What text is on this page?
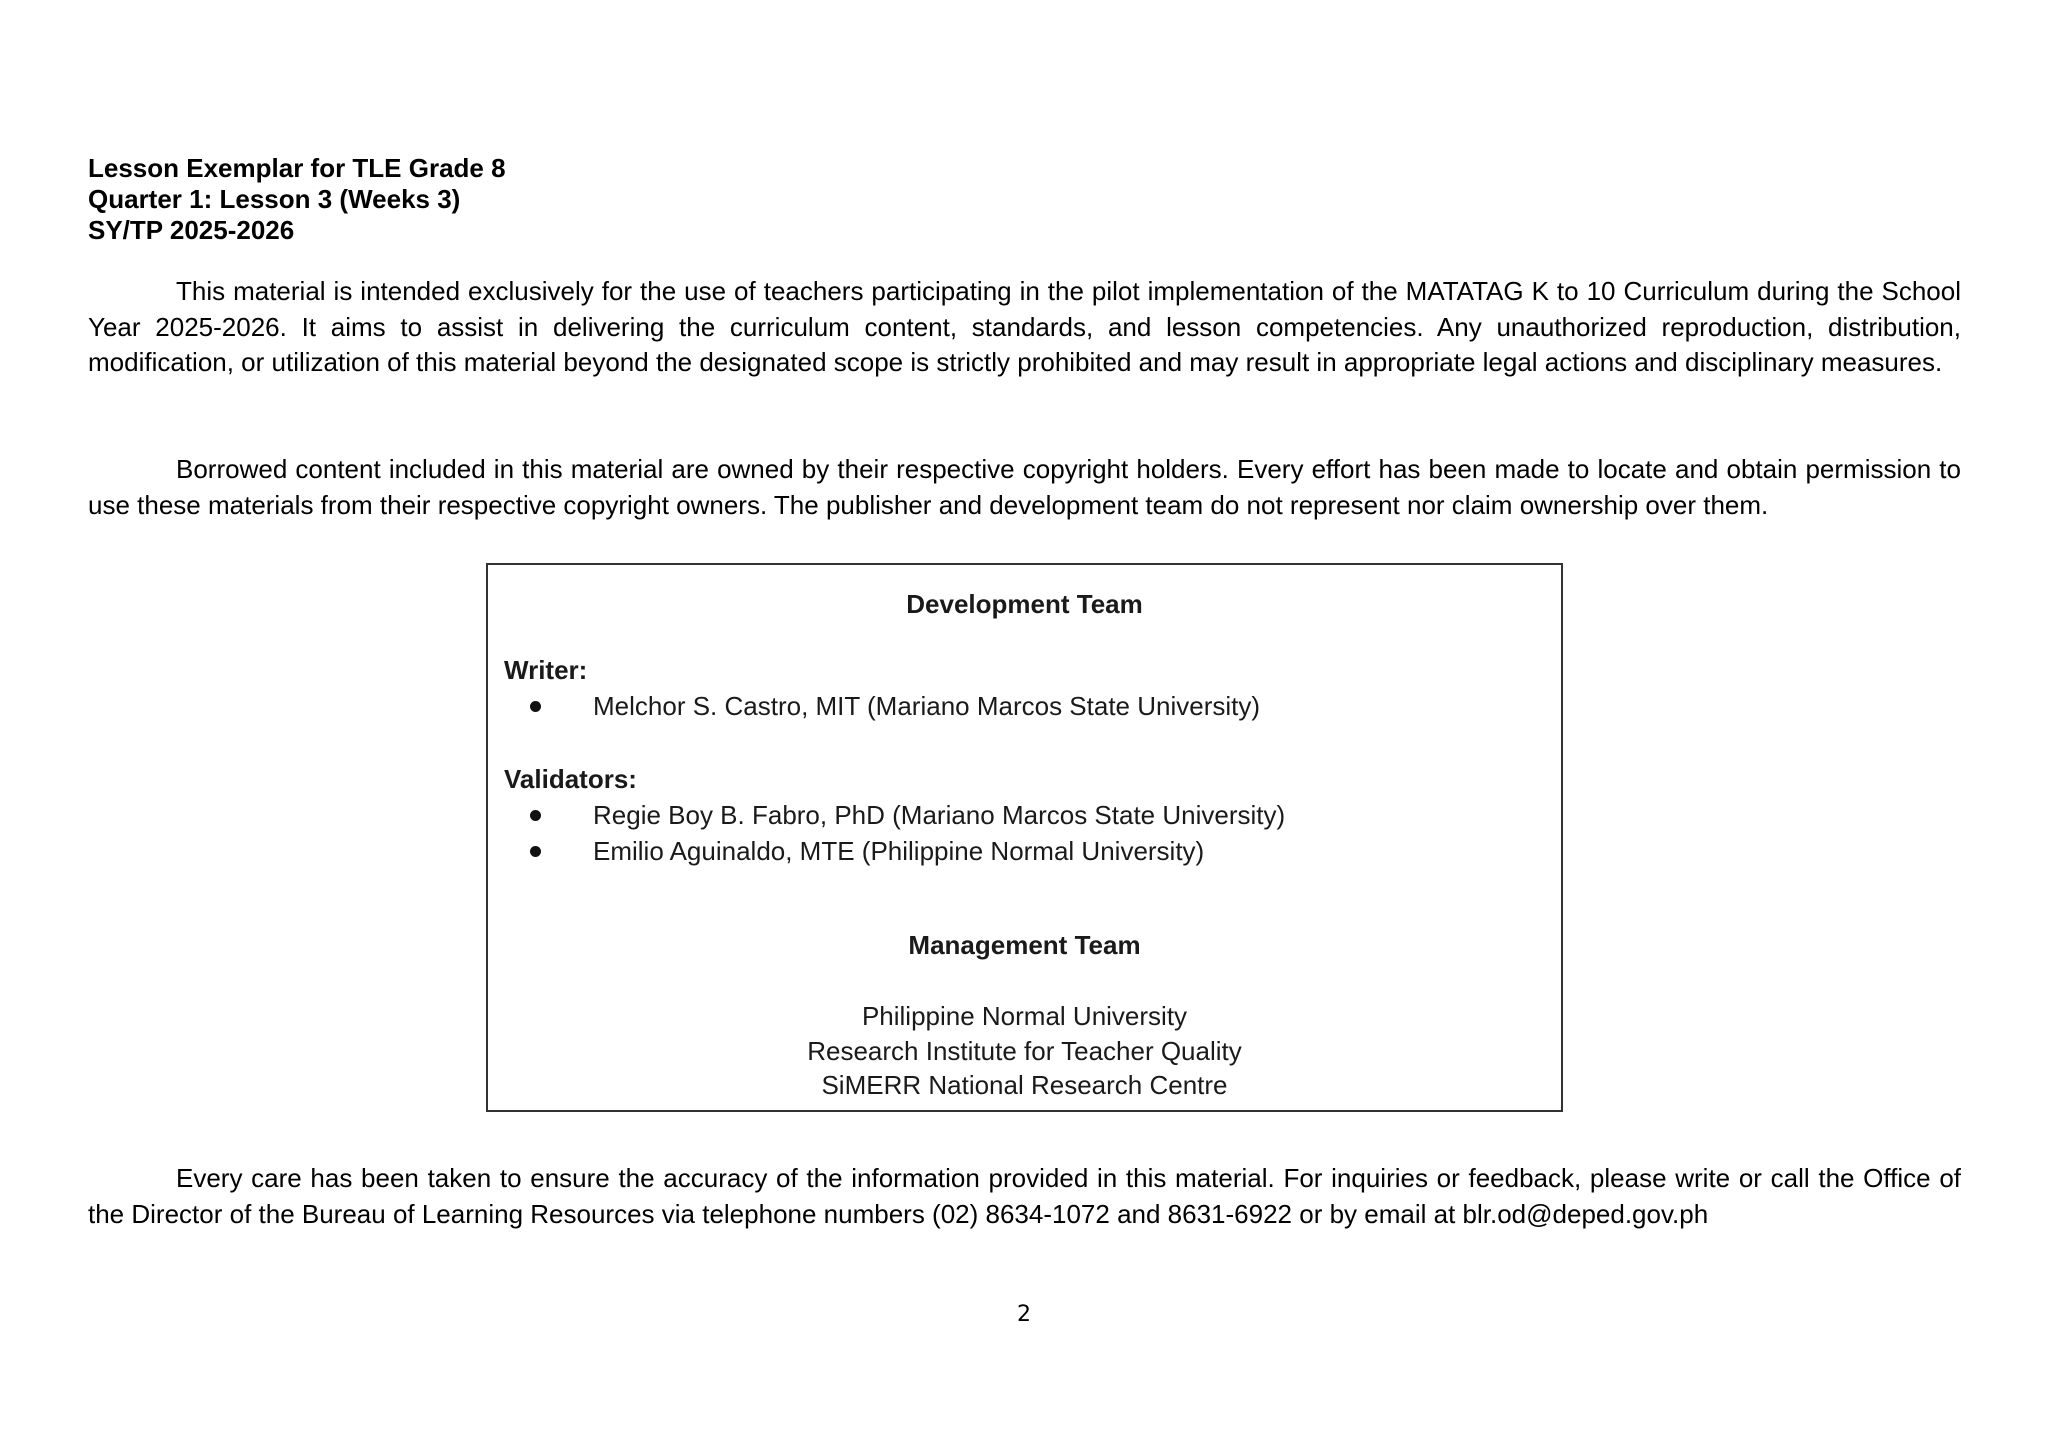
Lesson Exemplar for TLE Grade 8
Quarter 1: Lesson 3 (Weeks 3)
SY/TP 2025-2026

This material is intended exclusively for the use of teachers participating in the pilot implementation of the MATATAG K to 10 Curriculum during the School Year 2025-2026. It aims to assist in delivering the curriculum content, standards, and lesson competencies. Any unauthorized reproduction, distribution, modification, or utilization of this material beyond the designated scope is strictly prohibited and may result in appropriate legal actions and disciplinary measures.

Borrowed content included in this material are owned by their respective copyright holders. Every effort has been made to locate and obtain permission to use these materials from their respective copyright owners. The publisher and development team do not represent nor claim ownership over them.

Development Team
Writer:
Melchor S. Castro, MIT (Mariano Marcos State University)
Validators:
Regie Boy B. Fabro, PhD (Mariano Marcos State University)
Emilio Aguinaldo, MTE (Philippine Normal University)
Management Team
Philippine Normal University
Research Institute for Teacher Quality
SiMERR National Research Centre

Every care has been taken to ensure the accuracy of the information provided in this material. For inquiries or feedback, please write or call the Office of the Director of the Bureau of Learning Resources via telephone numbers (02) 8634-1072 and 8631-6922 or by email at blr.od@deped.gov.ph

2
